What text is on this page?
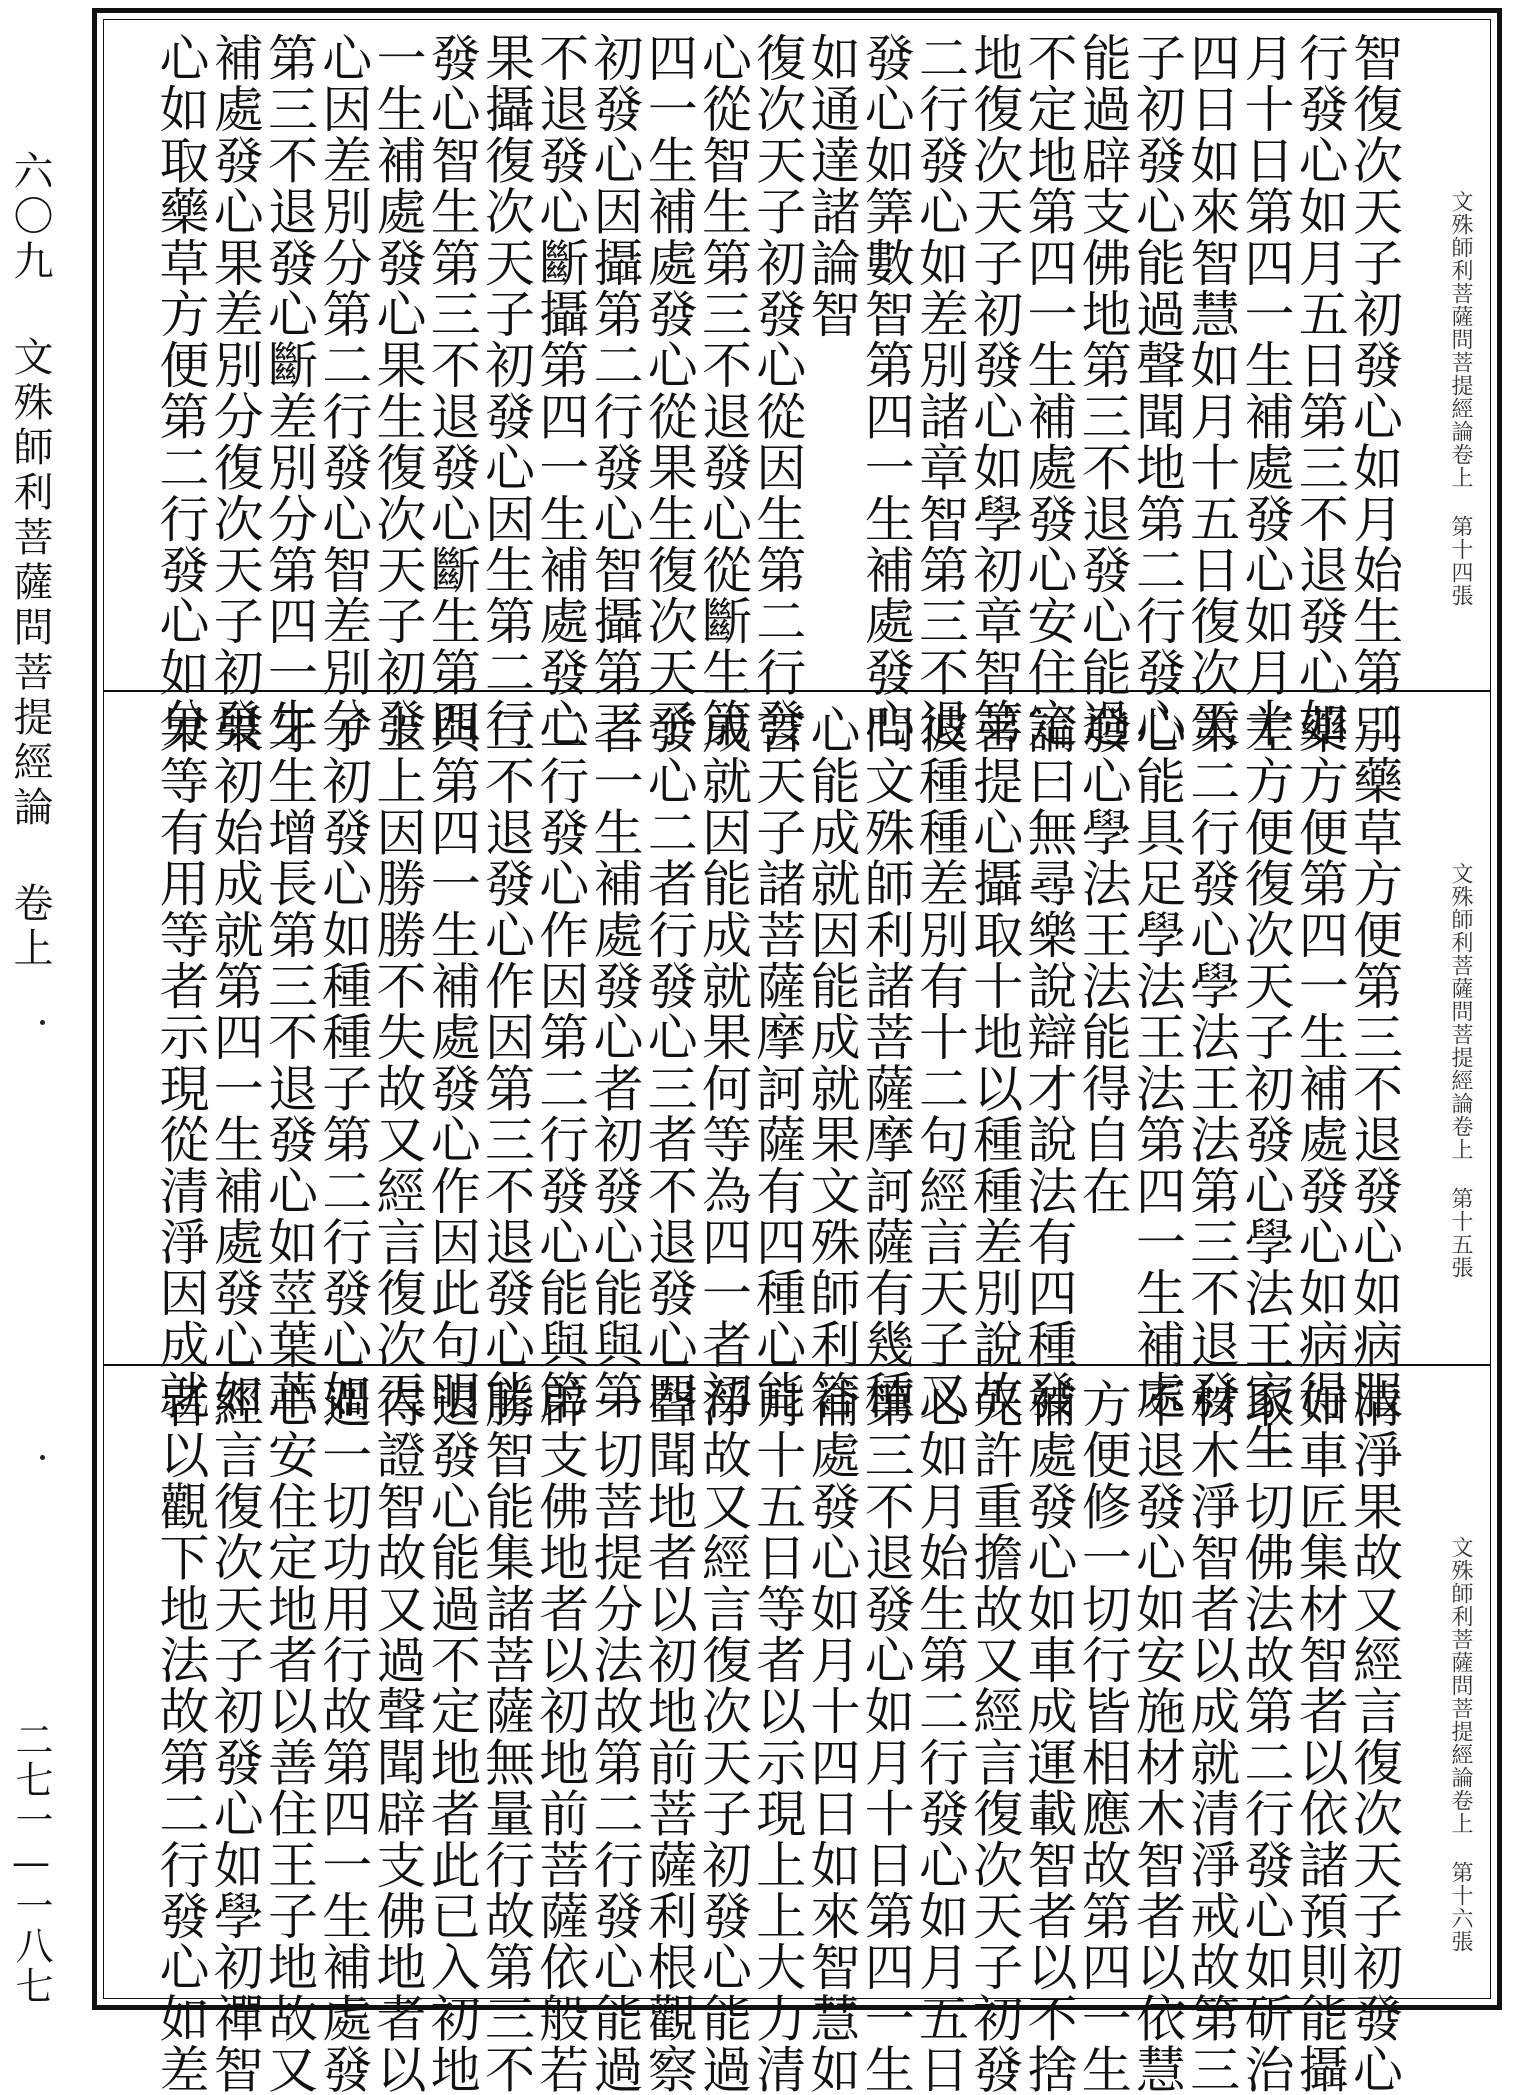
六〇九 文殊師利菩薩問菩提經論 卷上
二七一—一八七
文殊師利菩薩問菩提經論卷上 第十四張
智復次天子初發心如月始生第二
行發心如月五日第三不退發心如
月十日第四一生補處發心如月十
四日如來智慧如月十五日復次天
子初發心能過聲聞地第二行發心
能過辟支佛地第三不退發心能過
不定地第四一生補處發心安住定
地復次天子初發心如學初章智第
二行發心如差別諸章智第三不退
發心如筭數智第四一生補處發心
如通達諸論智
復次天子初發心從因生第二行發
心從智生第三不退發心從斷生第
四一生補處發心從果生復次天子
初發心因攝第二行發心智攝第三
不退發心斷攝第四一生補處發心
果攝復次天子初發心因生第二行
發心智生第三不退發心斷生第四
一生補處發心果生復次天子初發
心因差別分第二行發心智差別分
第三不退發心斷差別分第四一生
補處發心果差別分復次天子初發
心如取藥草方便第二行發心如分
文殊師利菩薩問菩提經論卷上 第十五張
別藥草方便第三不退發心如病服
藥方便第四一生補處發心如病得
差方便復次天子初發心學法王家生
第二行發心學法王法第三不退發
心能具足學法王法第四一生補處
發心學法王法能得自在
論曰無尋樂說辯才說法有四種發
菩提心攝取十地以種種差別說故
彼種種差別有十二句經言天子又
問文殊師利諸菩薩摩訶薩有幾種
心能成就因能成就果文殊師利答
言天子諸菩薩摩訶薩有四種心能
成就因能成就果何等為四一者初
發心二者行發心三者不退發心四
者一生補處發心者初發心能與第
二行發心作因第二行發心能與第
三不退發心作因第三不退發心能
與第四一生補處發心作因此句明
上上因勝勝不失故又經言復次天
子初發心如種種子第二行發心如
牙生增長第三不退發心如莖葉華
果初始成就第四一生補處發心如
果等有用等者示現從清淨因成就
文殊師利菩薩問菩提經論卷上 第十六張
清淨果故又經言復次天子初發心
如車匠集材智者以依諸預則能攝
取一切佛法故第二行發心如斫治
材木淨智者以成就清淨戒故第三
不退發心如安施材木智者以依慧
方便修一切行皆相應故第四一生
補處發心如車成運載智者以不捨
先許重擔故又經言復次天子初發
心如月始生第二行發心如月五日
第三不退發心如月十日第四一生
補處發心如月十四日如來智慧如
月十五日等者以示現上上大力清
淨故又經言復次天子初發心能過
聲聞地者以初地前菩薩利根觀察
一切菩提分法故第二行發心能過
辟支佛地者以初地前菩薩依般若
勝智能集諸菩薩無量行故第三不
退發心能過不定地者此已入初地
得證智故又過聲聞辟支佛地者以
過一切功用行故第四一生補處發
心安住定地者以善住王子地故又
經言復次天子初發心如學初禪智
者以觀下地法故第二行發心如差
